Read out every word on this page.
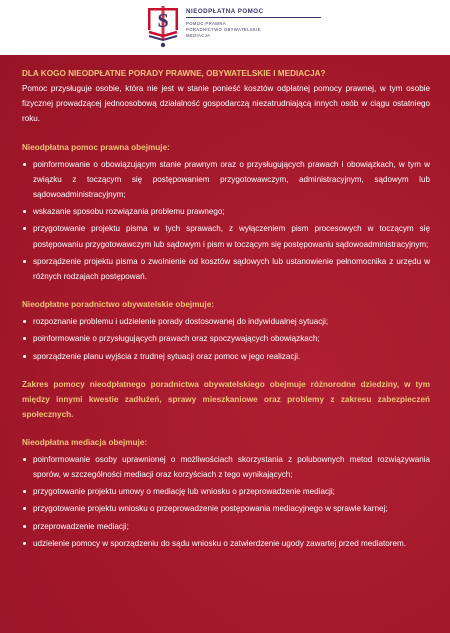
S	NIEODPŁATNA POMOC
POMOC PRAWNA
PORADNICTWO OBYWATELSKIE
MEDIACJA

DLA KOGO NIEODPŁATNE PORADY PRAWNE, OBYWATELSKIE I MEDIACJA?

Pomoc przysługuje osobie, która nie jest w stanie ponieść kosztów odpłatnej pomocy prawnej, w tym osobie fizycznej prowadzącej jednoosobową działalność gospodarczą niezatrudniającą innych osób w ciągu ostatniego roku.

Nieodpłatna pomoc prawna obejmuje:

poinformowanie o obowiązującym stanie prawnym oraz o przysługujących prawach i obowiązkach, w tym w związku z toczącym się postępowaniem przygotowawczym, administracyjnym, sądowym lub sądowoadministracyjnym;
wskazanie sposobu rozwiązania problemu prawnego;
przygotowanie projektu pisma w tych sprawach, z wyłączeniem pism procesowych w toczącym się postępowaniu przygotowawczym lub sądowym i pism w toczącym się postępowaniu sądowoadministracyjnym;
sporządzenie projektu pisma o zwolnienie od kosztów sądowych lub ustanowienie pełnomocnika z urzędu w różnych rodzajach postępowań.

Nieodpłatne poradnictwo obywatelskie obejmuje:

rozpoznanie problemu i udzielenie porady dostosowanej do indywidualnej sytuacji;
poinformowanie o przysługujących prawach oraz spoczywających obowiązkach;
sporządzenie planu wyjścia z trudnej sytuacji oraz pomoc w jego realizacji.

Zakres pomocy nieodpłatnego poradnictwa obywatelskiego obejmuje różnorodne dziedziny, w tym między innymi kwestie zadłużeń, sprawy mieszkaniowe oraz problemy z zakresu zabezpieczeń społecznych.

Nieodpłatna mediacja obejmuje:

poinformowanie osoby uprawnionej o możliwościach skorzystania z polubownych metod rozwiązywania sporów, w szczególności mediacji oraz korzyściach z tego wynikających;
przygotowanie projektu umowy o mediację lub wniosku o przeprowadzenie mediacji;
przygotowanie projektu wniosku o przeprowadzenie postępowania mediacyjnego w sprawie karnej;
przeprowadzenie mediacji;
udzielenie pomocy w sporządzeniu do sądu wniosku o zatwierdzenie ugody zawartej przed mediatorem.
